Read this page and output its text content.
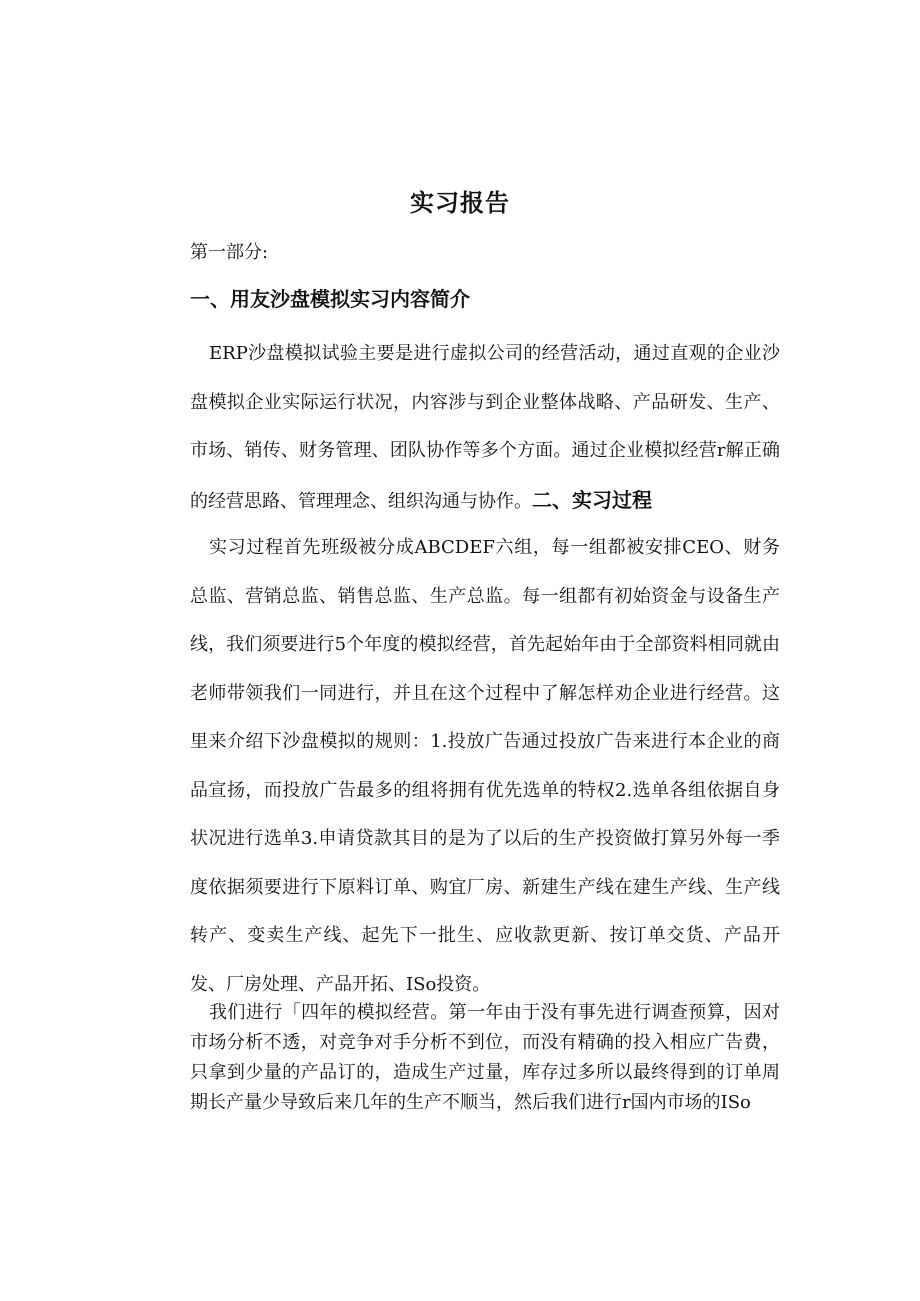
实习报告
第一部分:
一、用友沙盘模拟实习内容简介

ERP沙盘模拟试验主要是进行虚拟公司的经营活动，通过直观的企业沙盘模拟企业实际运行状况，内容涉与到企业整体战略、产品研发、生产、市场、销传、财务管理、团队协作等多个方面。通过企业模拟经营r解正确的经营思路、管理理念、组织沟通与协作。二、实习过程

实习过程首先班级被分成ABCDEF六组，每一组都被安排CEO、财务总监、营销总监、销售总监、生产总监。每一组都有初始资金与设备生产线，我们须要进行5个年度的模拟经营，首先起始年由于全部资料相同就由老师带领我们一同进行，并且在这个过程中了解怎样劝企业进行经营。这里来介绍下沙盘模拟的规则：1.投放广告通过投放广告来进行本企业的商品宣扬，而投放广告最多的组将拥有优先选单的特权2.选单各组依据自身状况进行选单3.申请贷款其目的是为了以后的生产投资做打算另外每一季度依据须要进行下原料订单、购宜厂房、新建生产线在建生产线、生产线转产、变卖生产线、起先下一批生、应收款更新、按订单交货、产品开发、厂房处理、产品开拓、ISo投资。

我们进行「四年的模拟经营。第一年由于没有事先进行调查预算，因对市场分析不透，对竞争对手分析不到位，而没有精确的投入相应广告费，只拿到少量的产品订的，造成生产过量，库存过多所以最终得到的订单周期长产量少导致后来几年的生产不顺当，然后我们进行r国内市场的ISo
